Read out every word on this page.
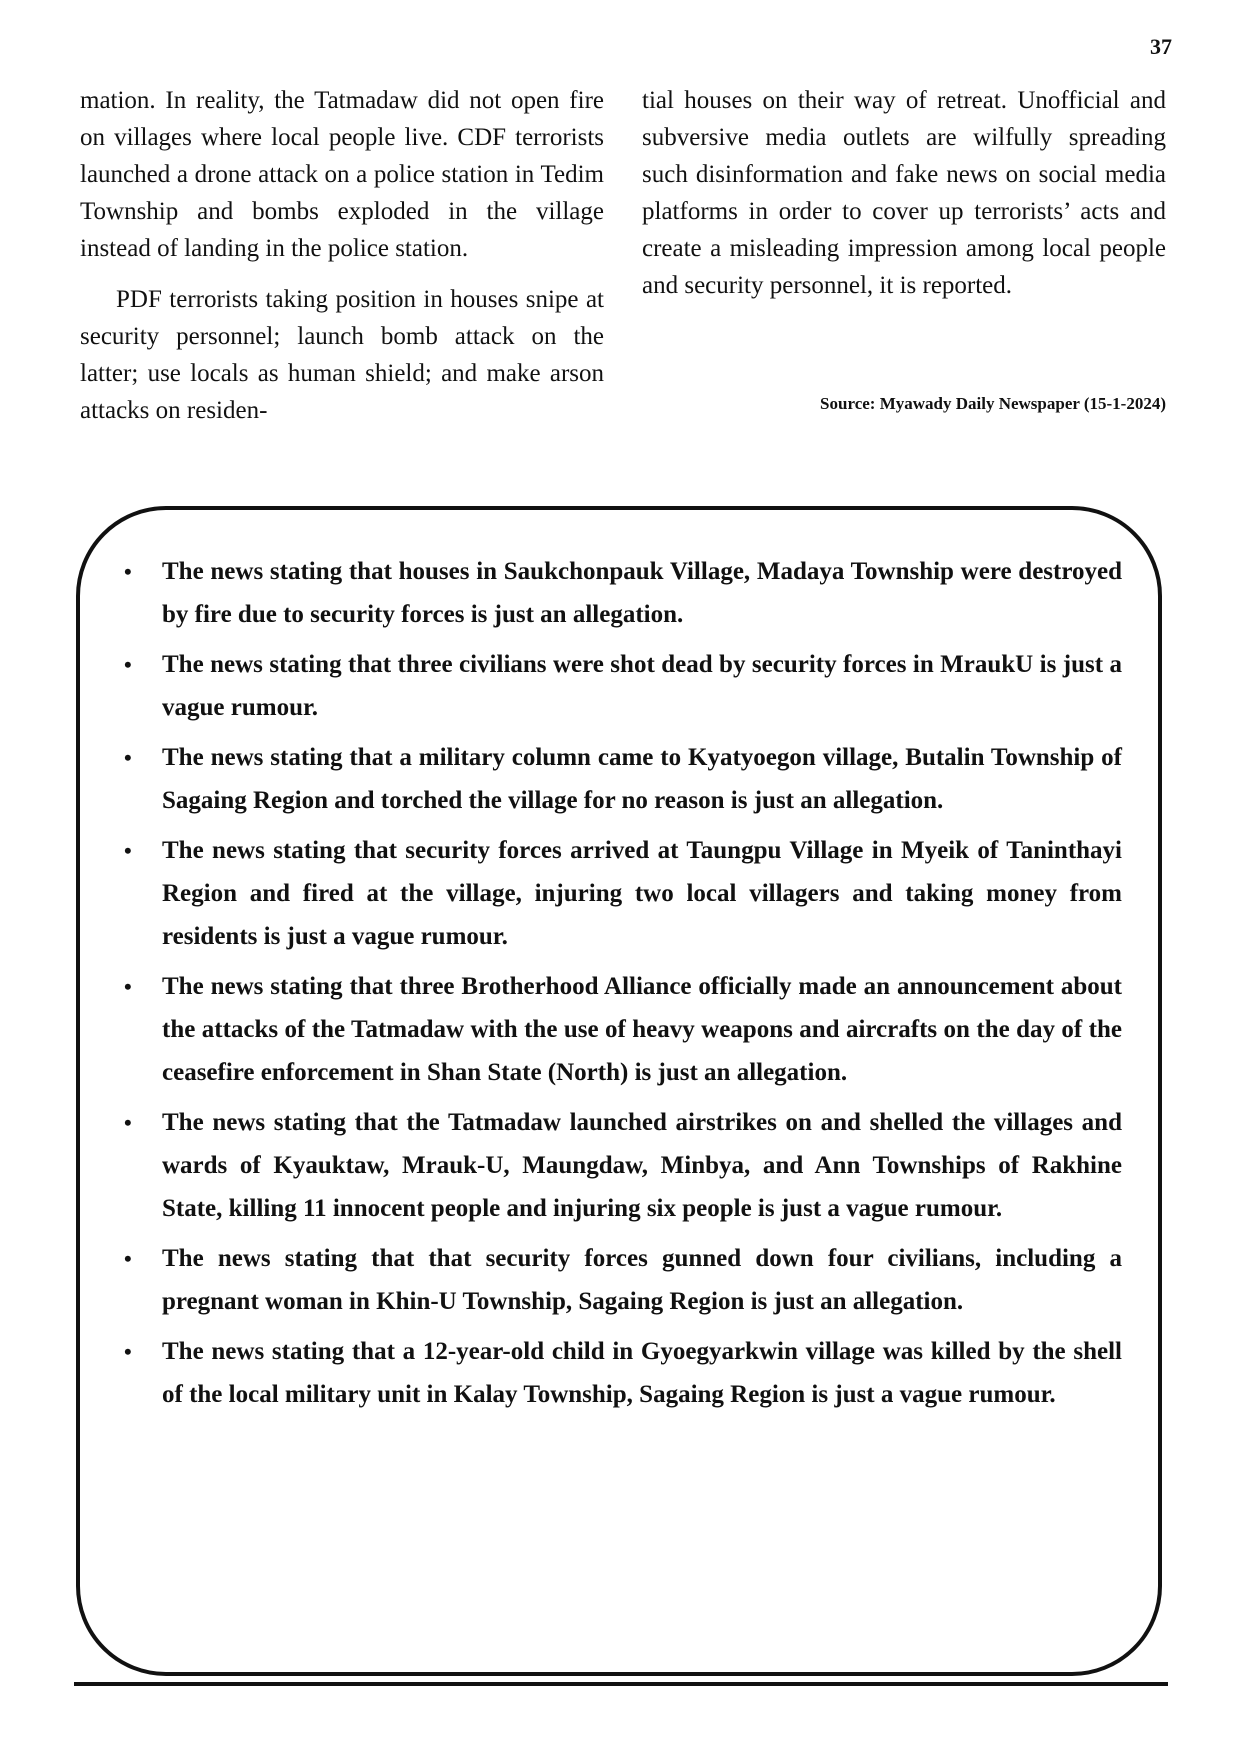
37

mation. In reality, the Tatmadaw did not open fire on villages where local people live. CDF terrorists launched a drone attack on a police station in Tedim Township and bombs exploded in the village instead of landing in the police station.

PDF terrorists taking position in houses snipe at security personnel; launch bomb attack on the latter; use locals as human shield; and make arson attacks on residen-

tial houses on their way of retreat. Unofficial and subversive media outlets are wilfully spreading such disinformation and fake news on social media platforms in order to cover up terrorists’ acts and create a misleading impression among local people and security personnel, it is reported.

Source: Myawady Daily Newspaper (15-1-2024)
• The news stating that houses in Saukchonpauk Village, Madaya Township were destroyed by fire due to security forces is just an allegation.
• The news stating that three civilians were shot dead by security forces in MraukU is just a vague rumour.
• The news stating that a military column came to Kyatyoegon village, Butalin Township of Sagaing Region and torched the village for no reason is just an allegation.
• The news stating that security forces arrived at Taungpu Village in Myeik of Taninthayi Region and fired at the village, injuring two local villagers and taking money from residents is just a vague rumour.
• The news stating that three Brotherhood Alliance officially made an announcement about the attacks of the Tatmadaw with the use of heavy weapons and aircrafts on the day of the ceasefire enforcement in Shan State (North) is just an allegation.
• The news stating that the Tatmadaw launched airstrikes on and shelled the villages and wards of Kyauktaw, Mrauk-U, Maungdaw, Minbya, and Ann Townships of Rakhine State, killing 11 innocent people and injuring six people is just a vague rumour.
• The news stating that that security forces gunned down four civilians, including a pregnant woman in Khin-U Township, Sagaing Region is just an allegation.
• The news stating that a 12-year-old child in Gyoegyarkwin village was killed by the shell of the local military unit in Kalay Township, Sagaing Region is just a vague rumour.
